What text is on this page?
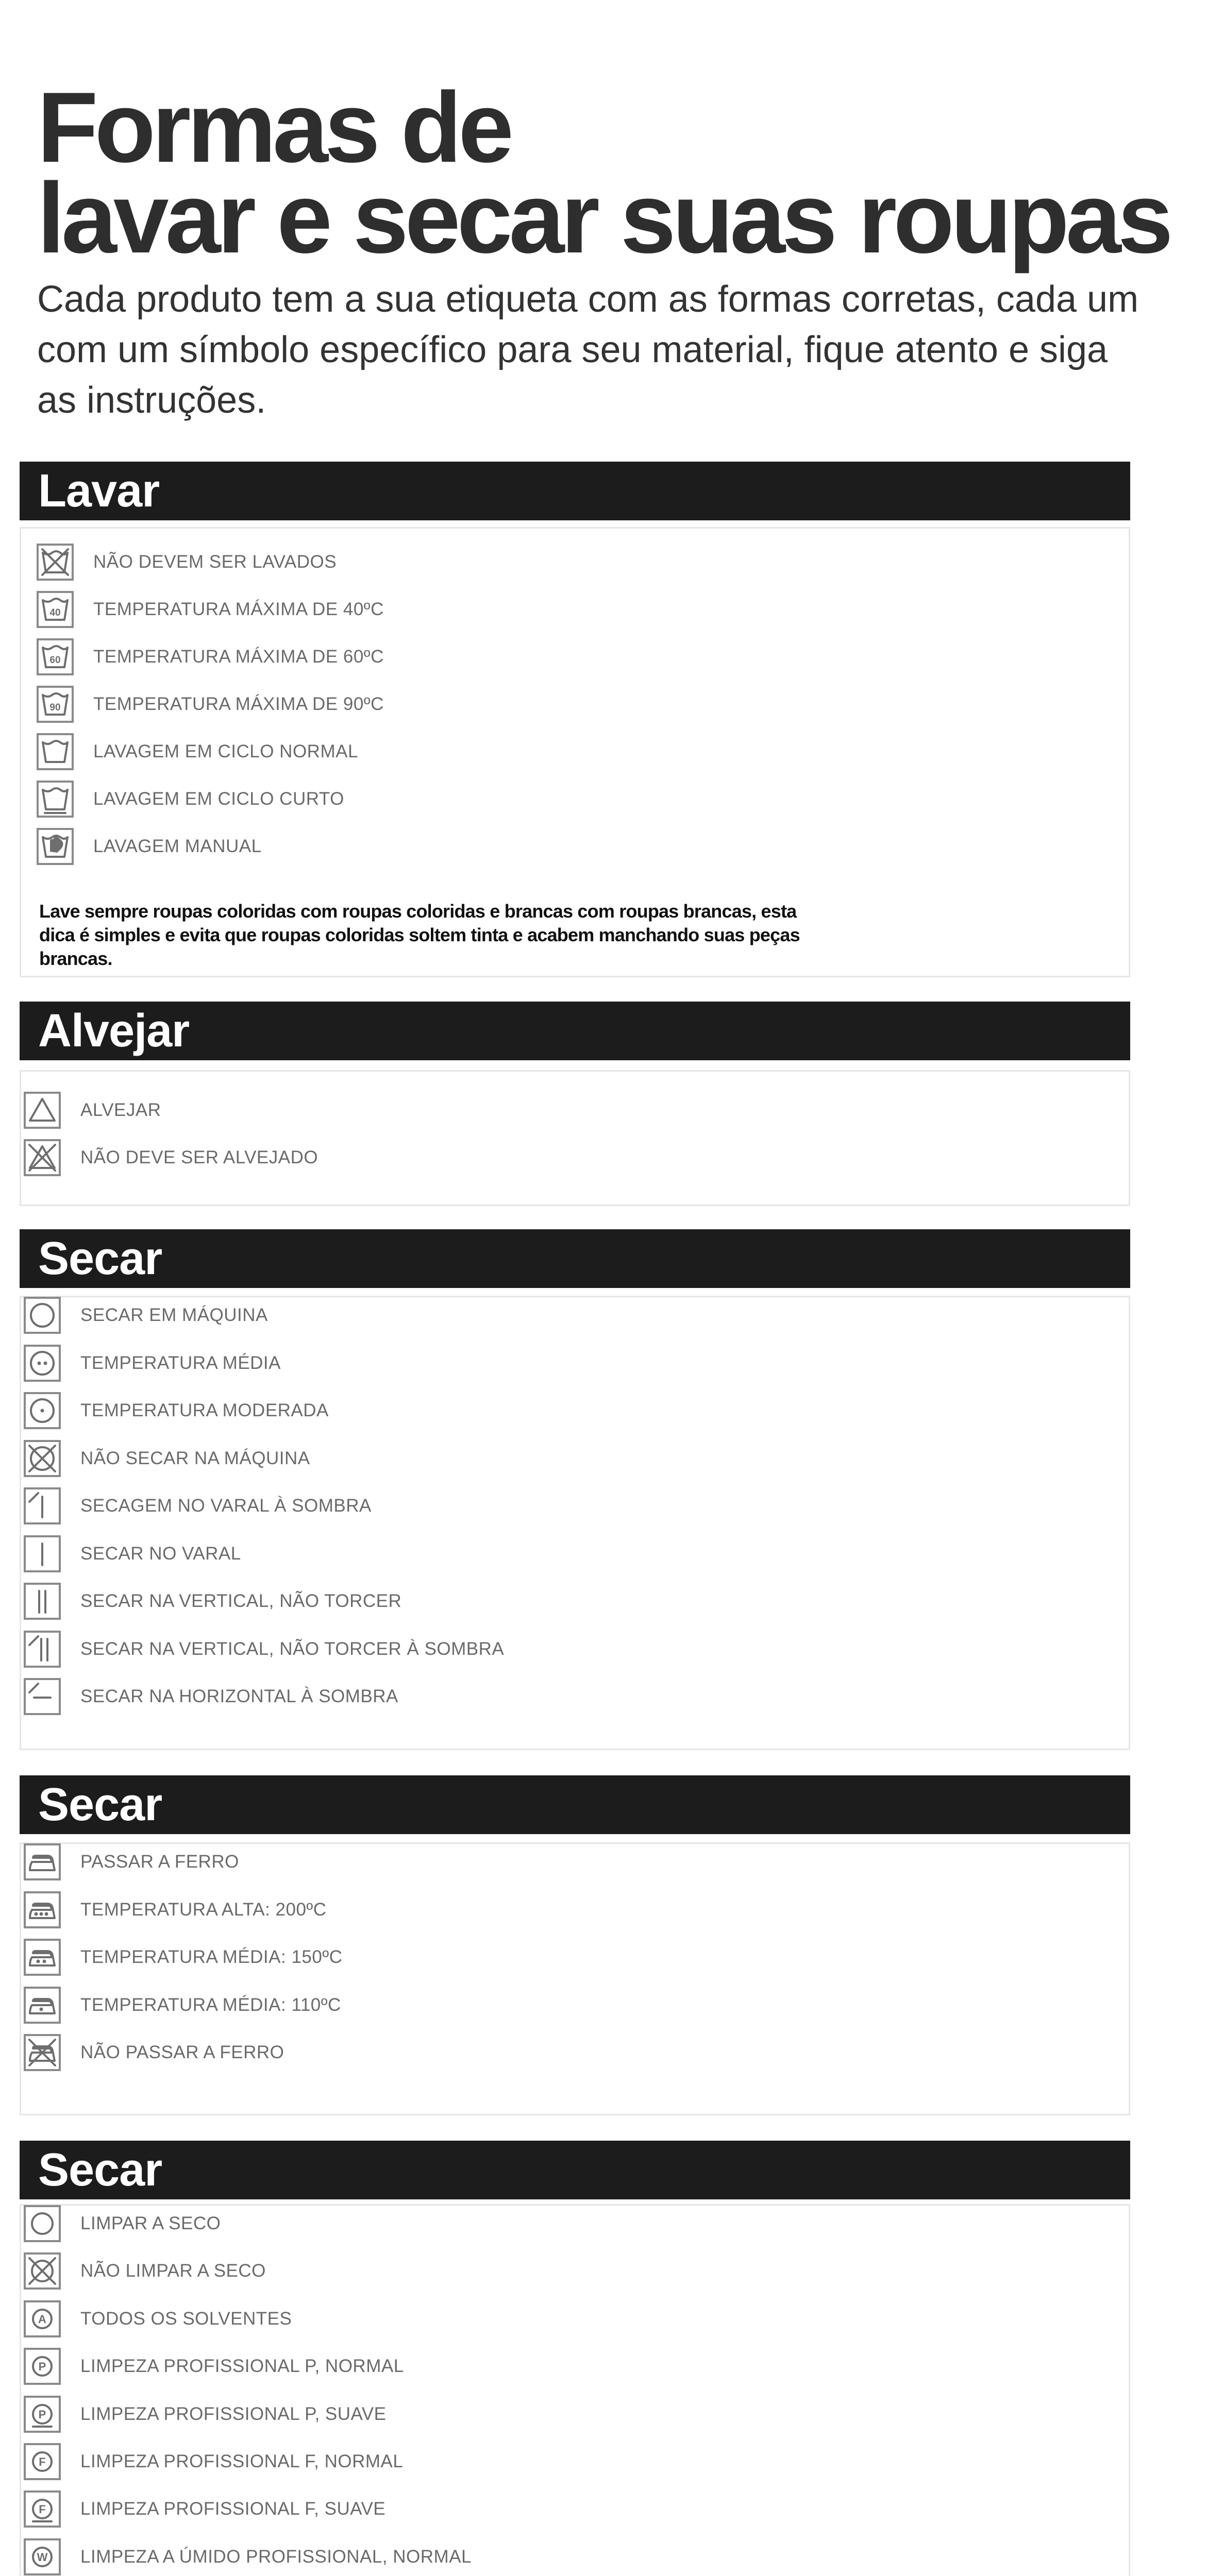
Formas de
lavar e secar suas roupas

Cada produto tem a sua etiqueta com as formas corretas, cada um com um símbolo específico para seu material, fique atento e siga as instruções.

Lavar

Lave sempre roupas coloridas com roupas coloridas e brancas com roupas brancas, esta dica é simples e evita que roupas coloridas soltem tinta e acabem manchando suas peças brancas.

NÃO DEVEM SER LAVADOS
40 TEMPERATURA MÁXIMA DE 40ºC
60 TEMPERATURA MÁXIMA DE 60ºC
90 TEMPERATURA MÁXIMA DE 90ºC
LAVAGEM EM CICLO NORMAL
LAVAGEM EM CICLO CURTO
LAVAGEM MANUAL
Alvejar
ALVEJAR
NÃO DEVE SER ALVEJADO
Secar
SECAR EM MÁQUINA
TEMPERATURA MÉDIA
TEMPERATURA MODERADA
NÃO SECAR NA MÁQUINA
SECAGEM NO VARAL À SOMBRA
SECAR NO VARAL
SECAR NA VERTICAL, NÃO TORCER
SECAR NA VERTICAL, NÃO TORCER À SOMBRA
SECAR NA HORIZONTAL À SOMBRA
Secar
PASSAR A FERRO
TEMPERATURA ALTA: 200ºC
TEMPERATURA MÉDIA: 150ºC
TEMPERATURA MÉDIA: 110ºC
NÃO PASSAR A FERRO
Secar
LIMPAR A SECO
NÃO LIMPAR A SECO
A TODOS OS SOLVENTES
P LIMPEZA PROFISSIONAL P, NORMAL
P LIMPEZA PROFISSIONAL P, SUAVE
F LIMPEZA PROFISSIONAL F, NORMAL
F LIMPEZA PROFISSIONAL F, SUAVE
W LIMPEZA A ÚMIDO PROFISSIONAL, NORMAL
